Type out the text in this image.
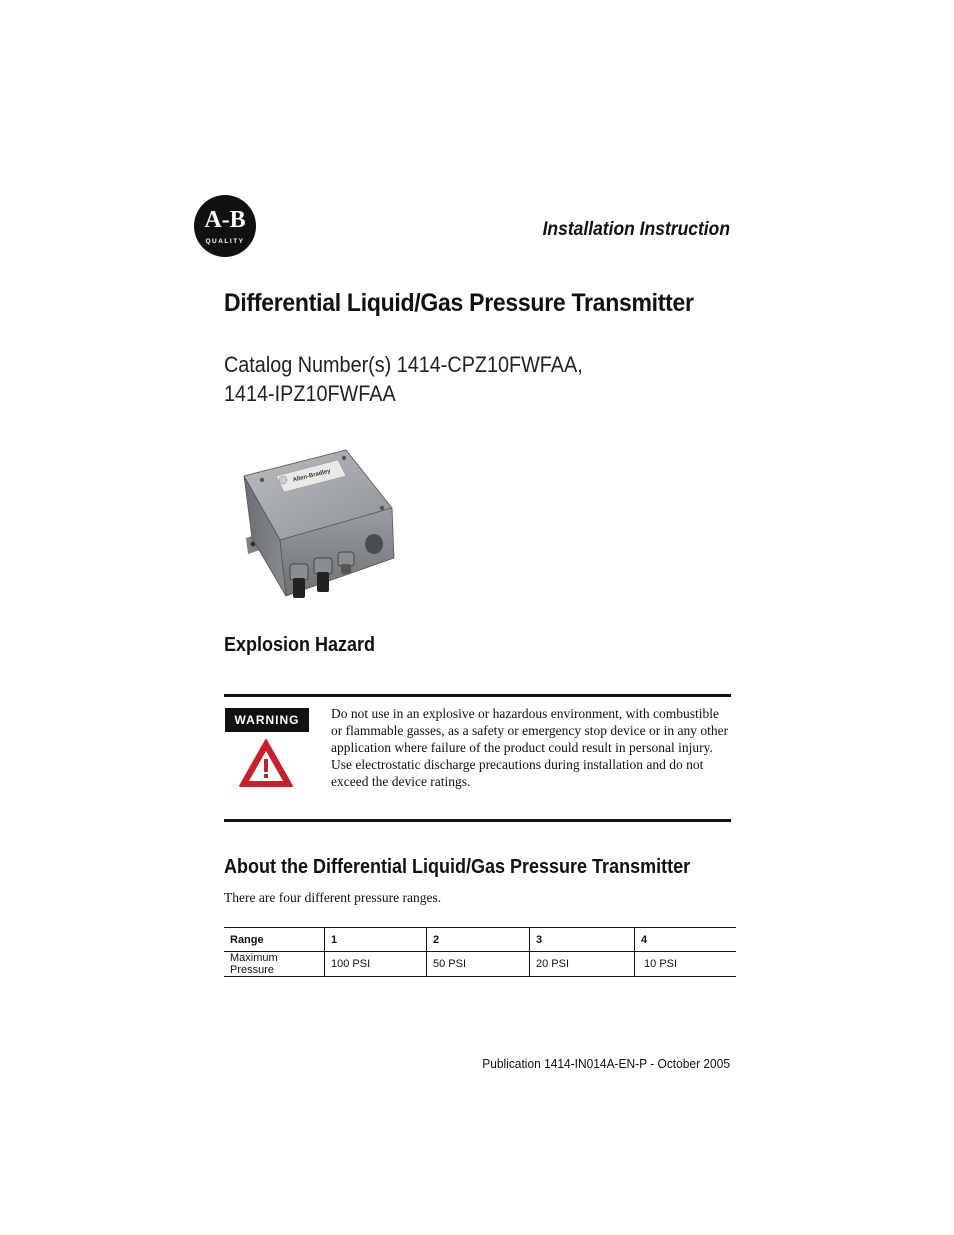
A-B
QUALITY
Installation Instruction
Differential Liquid/Gas Pressure Transmitter
Catalog Number(s) 1414-CPZ10FWFAA,
1414-IPZ10FWFAA
Allen-Bradley
Explosion Hazard
WARNING	Do not use in an explosive or hazardous environment, with combustible or flammable gasses, as a safety or emergency stop device or in any other application where failure of the product could result in personal injury. Use electrostatic discharge precautions during installation and do not exceed the device ratings.
About the Differential Liquid/Gas Pressure Transmitter
There are four different pressure ranges.
Range	1	2	3	4
Maximum Pressure	100 PSI	50 PSI	20 PSI	10 PSI
Publication 1414-IN014A-EN-P - October 2005
